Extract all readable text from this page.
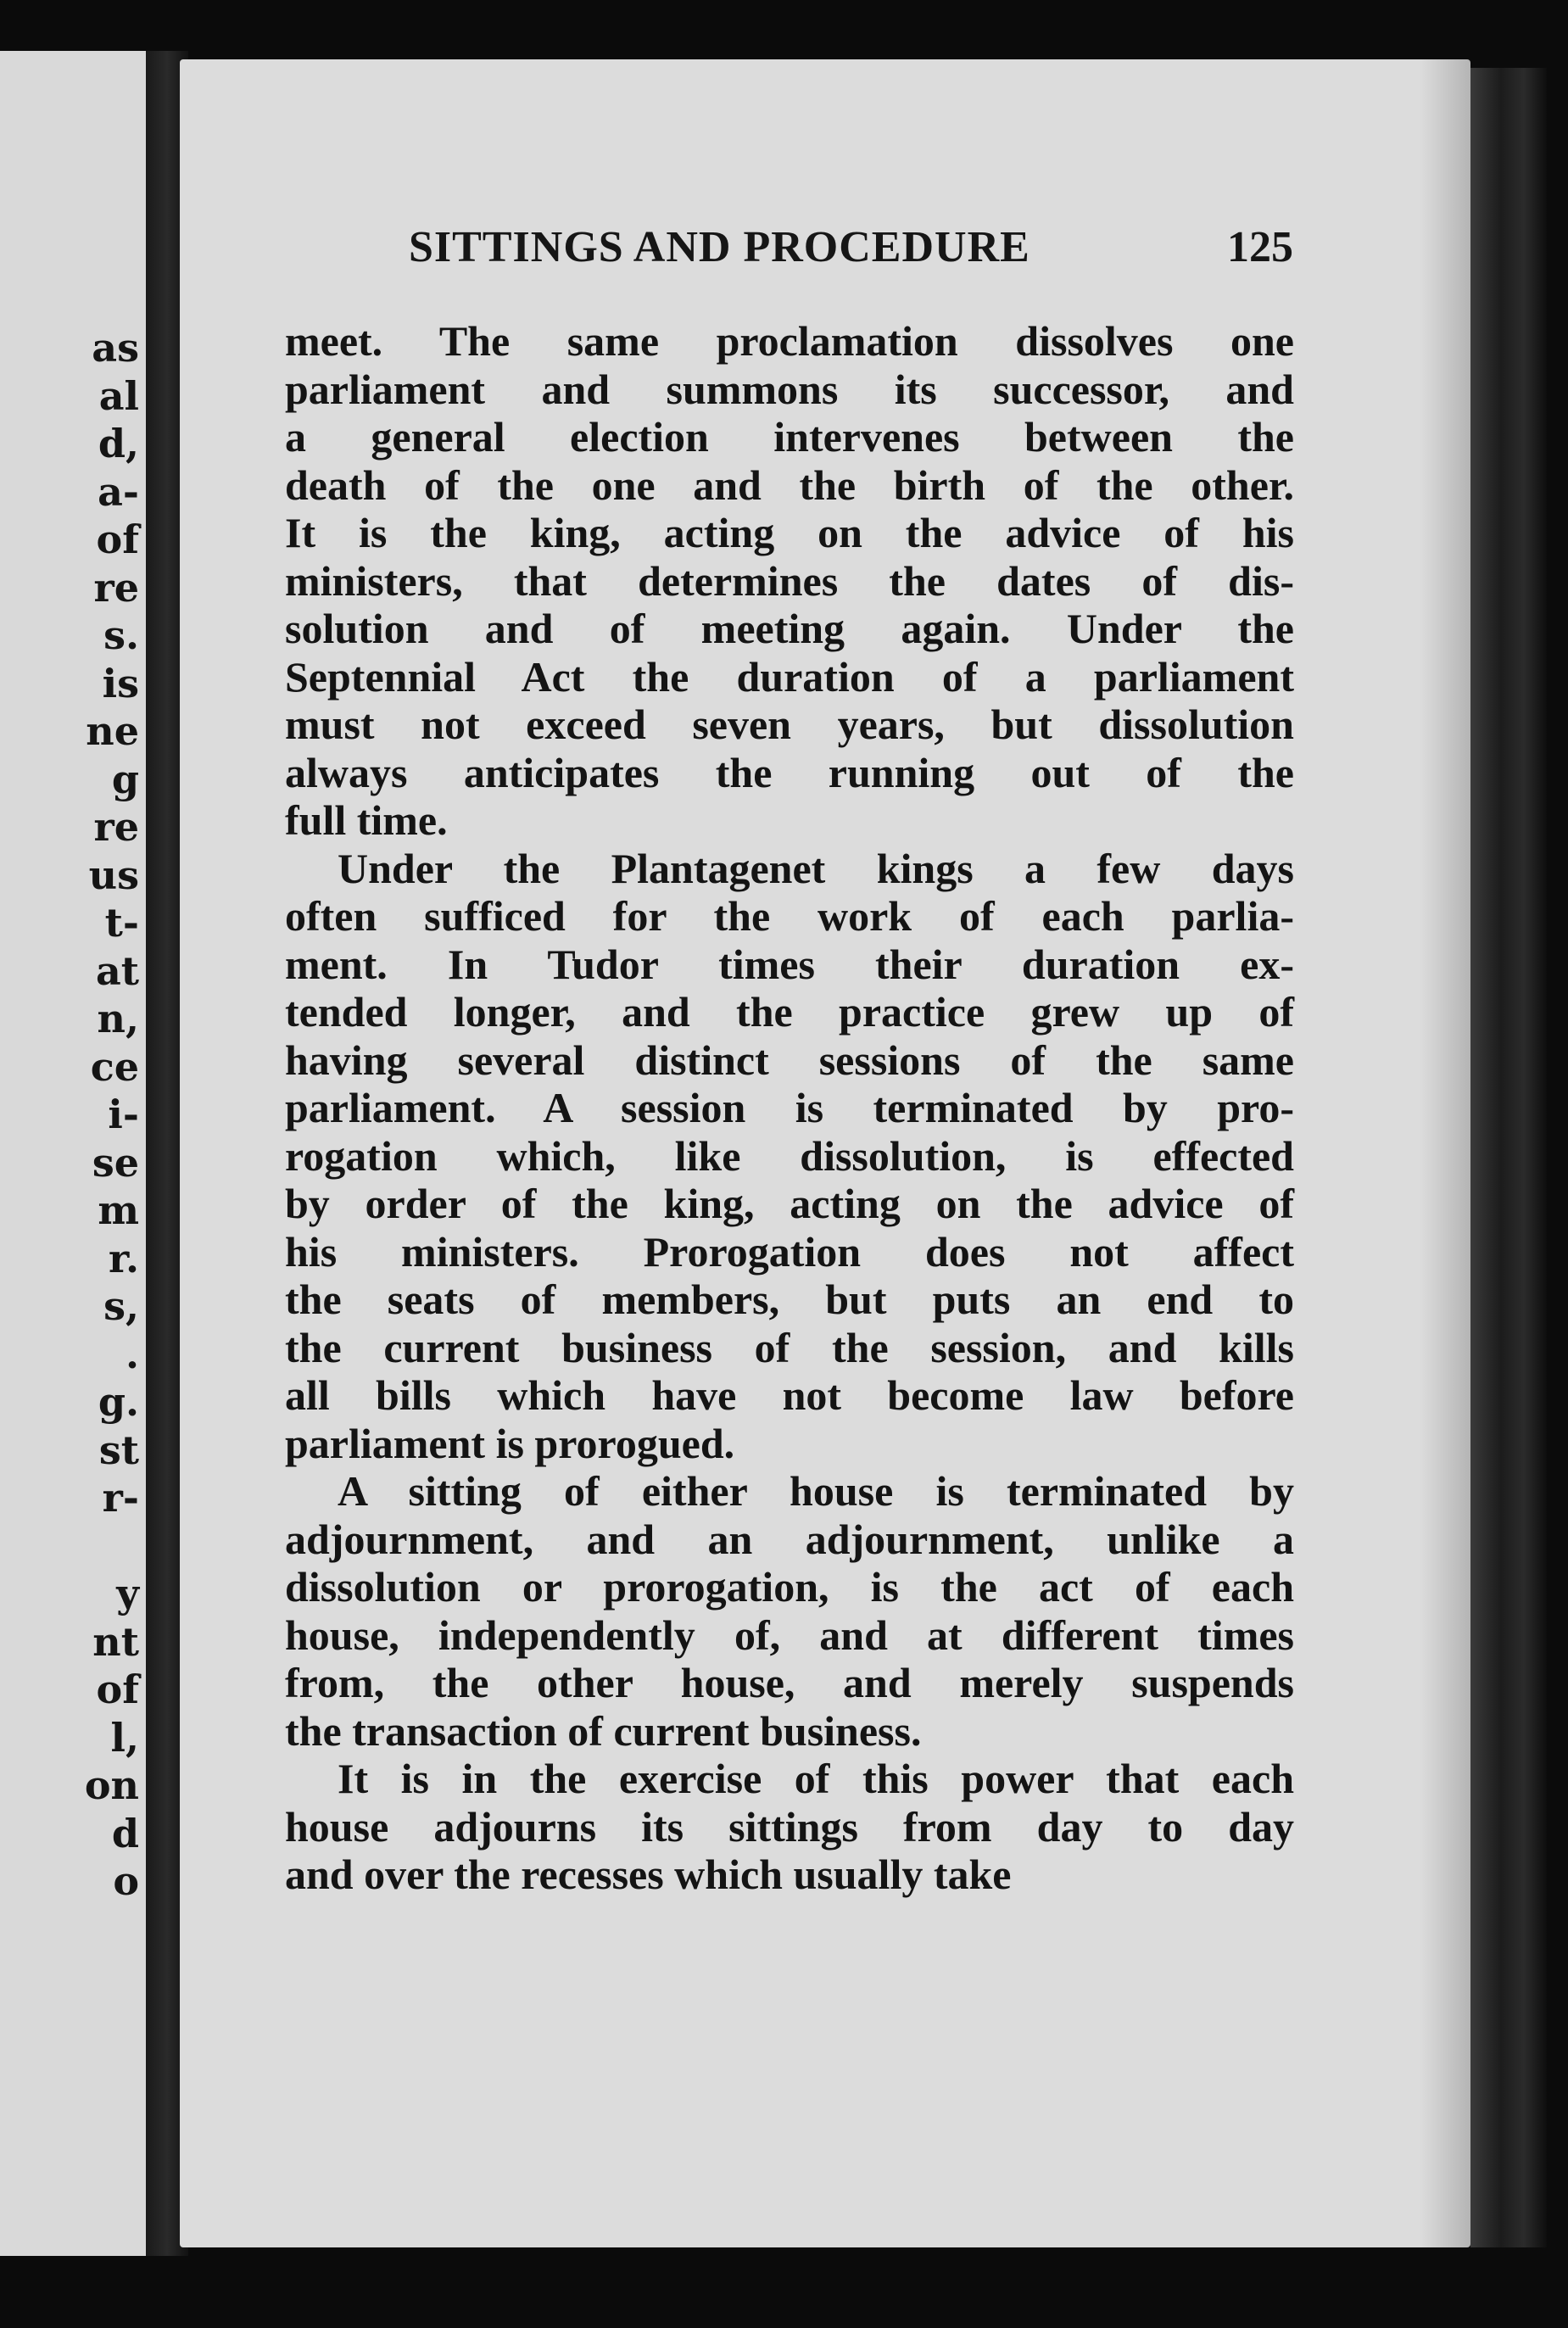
as
al
d,
a-
of
re
s.
is
ne
g
re
us
t-
at
n,
ce
i-
se
m
r.
s,
.
g.
st
r-
y
nt
of
l,
on
d
o
SITTINGS AND PROCEDURE	125
meet. The same proclamation dissolves one
parliament and summons its successor, and
a general election intervenes between the
death of the one and the birth of the other.
It is the king, acting on the advice of his
ministers, that determines the dates of dis-
solution and of meeting again. Under the
Septennial Act the duration of a parliament
must not exceed seven years, but dissolution
always anticipates the running out of the
full time.
Under the Plantagenet kings a few days
often sufficed for the work of each parlia-
ment. In Tudor times their duration ex-
tended longer, and the practice grew up of
having several distinct sessions of the same
parliament. A session is terminated by pro-
rogation which, like dissolution, is effected
by order of the king, acting on the advice of
his ministers. Prorogation does not affect
the seats of members, but puts an end to
the current business of the session, and kills
all bills which have not become law before
parliament is prorogued.
A sitting of either house is terminated by
adjournment, and an adjournment, unlike a
dissolution or prorogation, is the act of each
house, independently of, and at different times
from, the other house, and merely suspends
the transaction of current business.
It is in the exercise of this power that each
house adjourns its sittings from day to day
and over the recesses which usually take
